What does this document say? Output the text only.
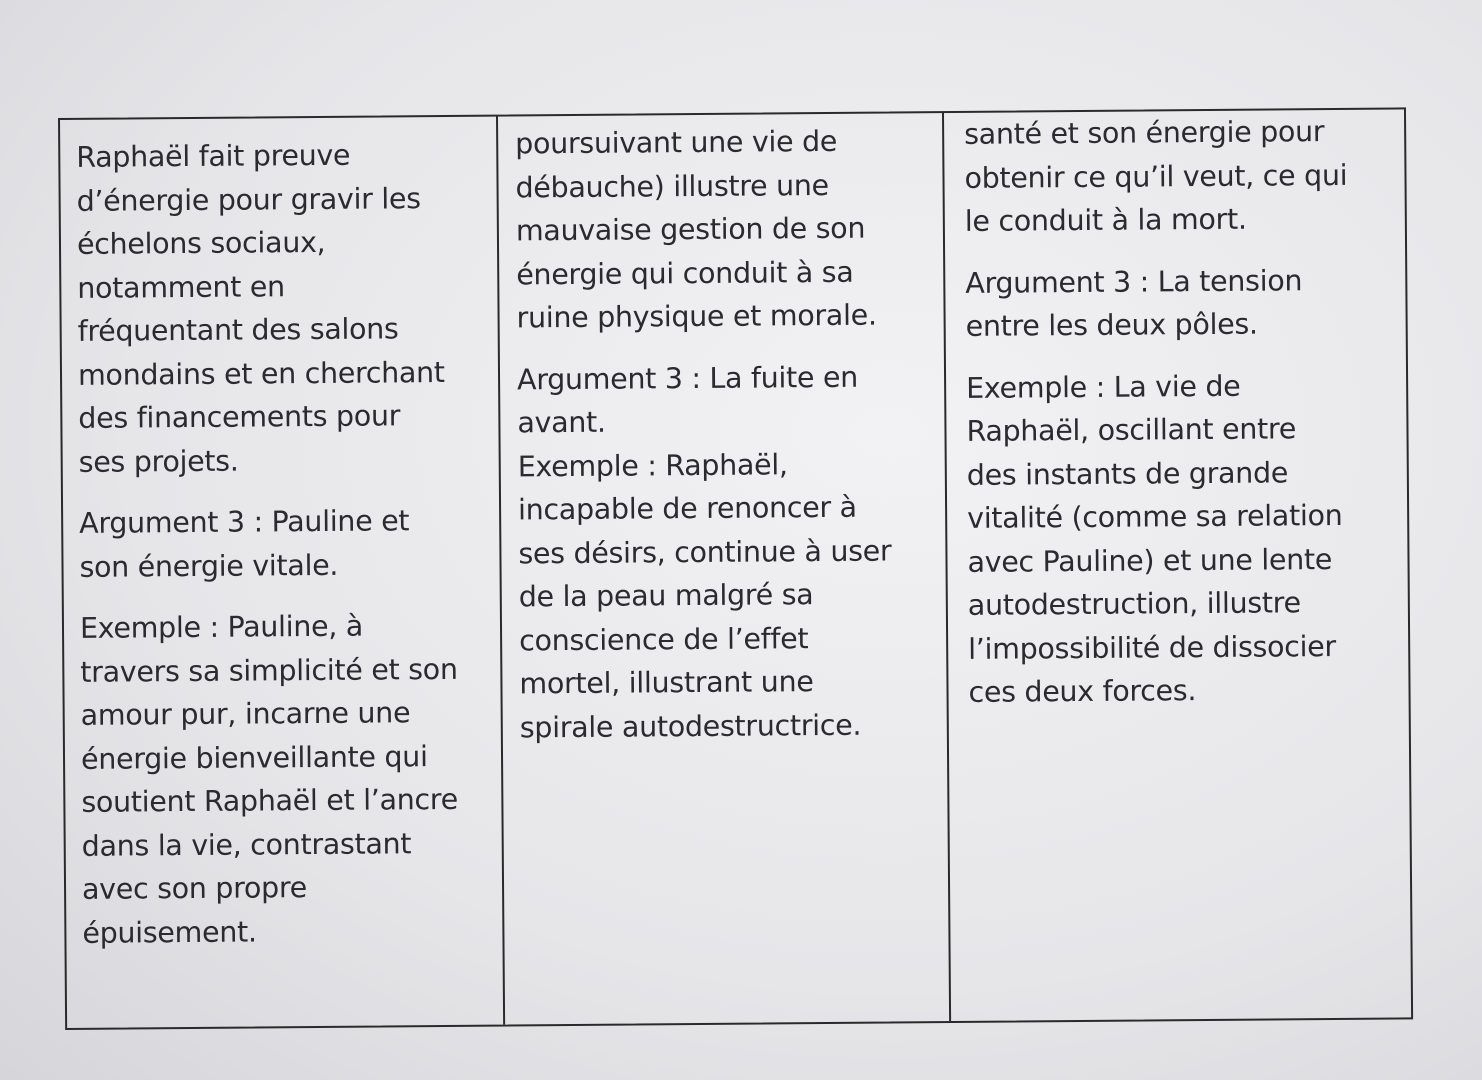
Raphaël fait preuve
d’énergie pour gravir les
échelons sociaux,
notamment en
fréquentant des salons
mondains et en cherchant
des financements pour
ses projets.
Argument 3 : Pauline et
son énergie vitale.
Exemple : Pauline, à
travers sa simplicité et son
amour pur, incarne une
énergie bienveillante qui
soutient Raphaël et l’ancre
dans la vie, contrastant
avec son propre
épuisement.
poursuivant une vie de
débauche) illustre une
mauvaise gestion de son
énergie qui conduit à sa
ruine physique et morale.
Argument 3 : La fuite en
avant.
Exemple : Raphaël,
incapable de renoncer à
ses désirs, continue à user
de la peau malgré sa
conscience de l’effet
mortel, illustrant une
spirale autodestructrice.
santé et son énergie pour
obtenir ce qu’il veut, ce qui
le conduit à la mort.
Argument 3 : La tension
entre les deux pôles.
Exemple : La vie de
Raphaël, oscillant entre
des instants de grande
vitalité (comme sa relation
avec Pauline) et une lente
autodestruction, illustre
l’impossibilité de dissocier
ces deux forces.
